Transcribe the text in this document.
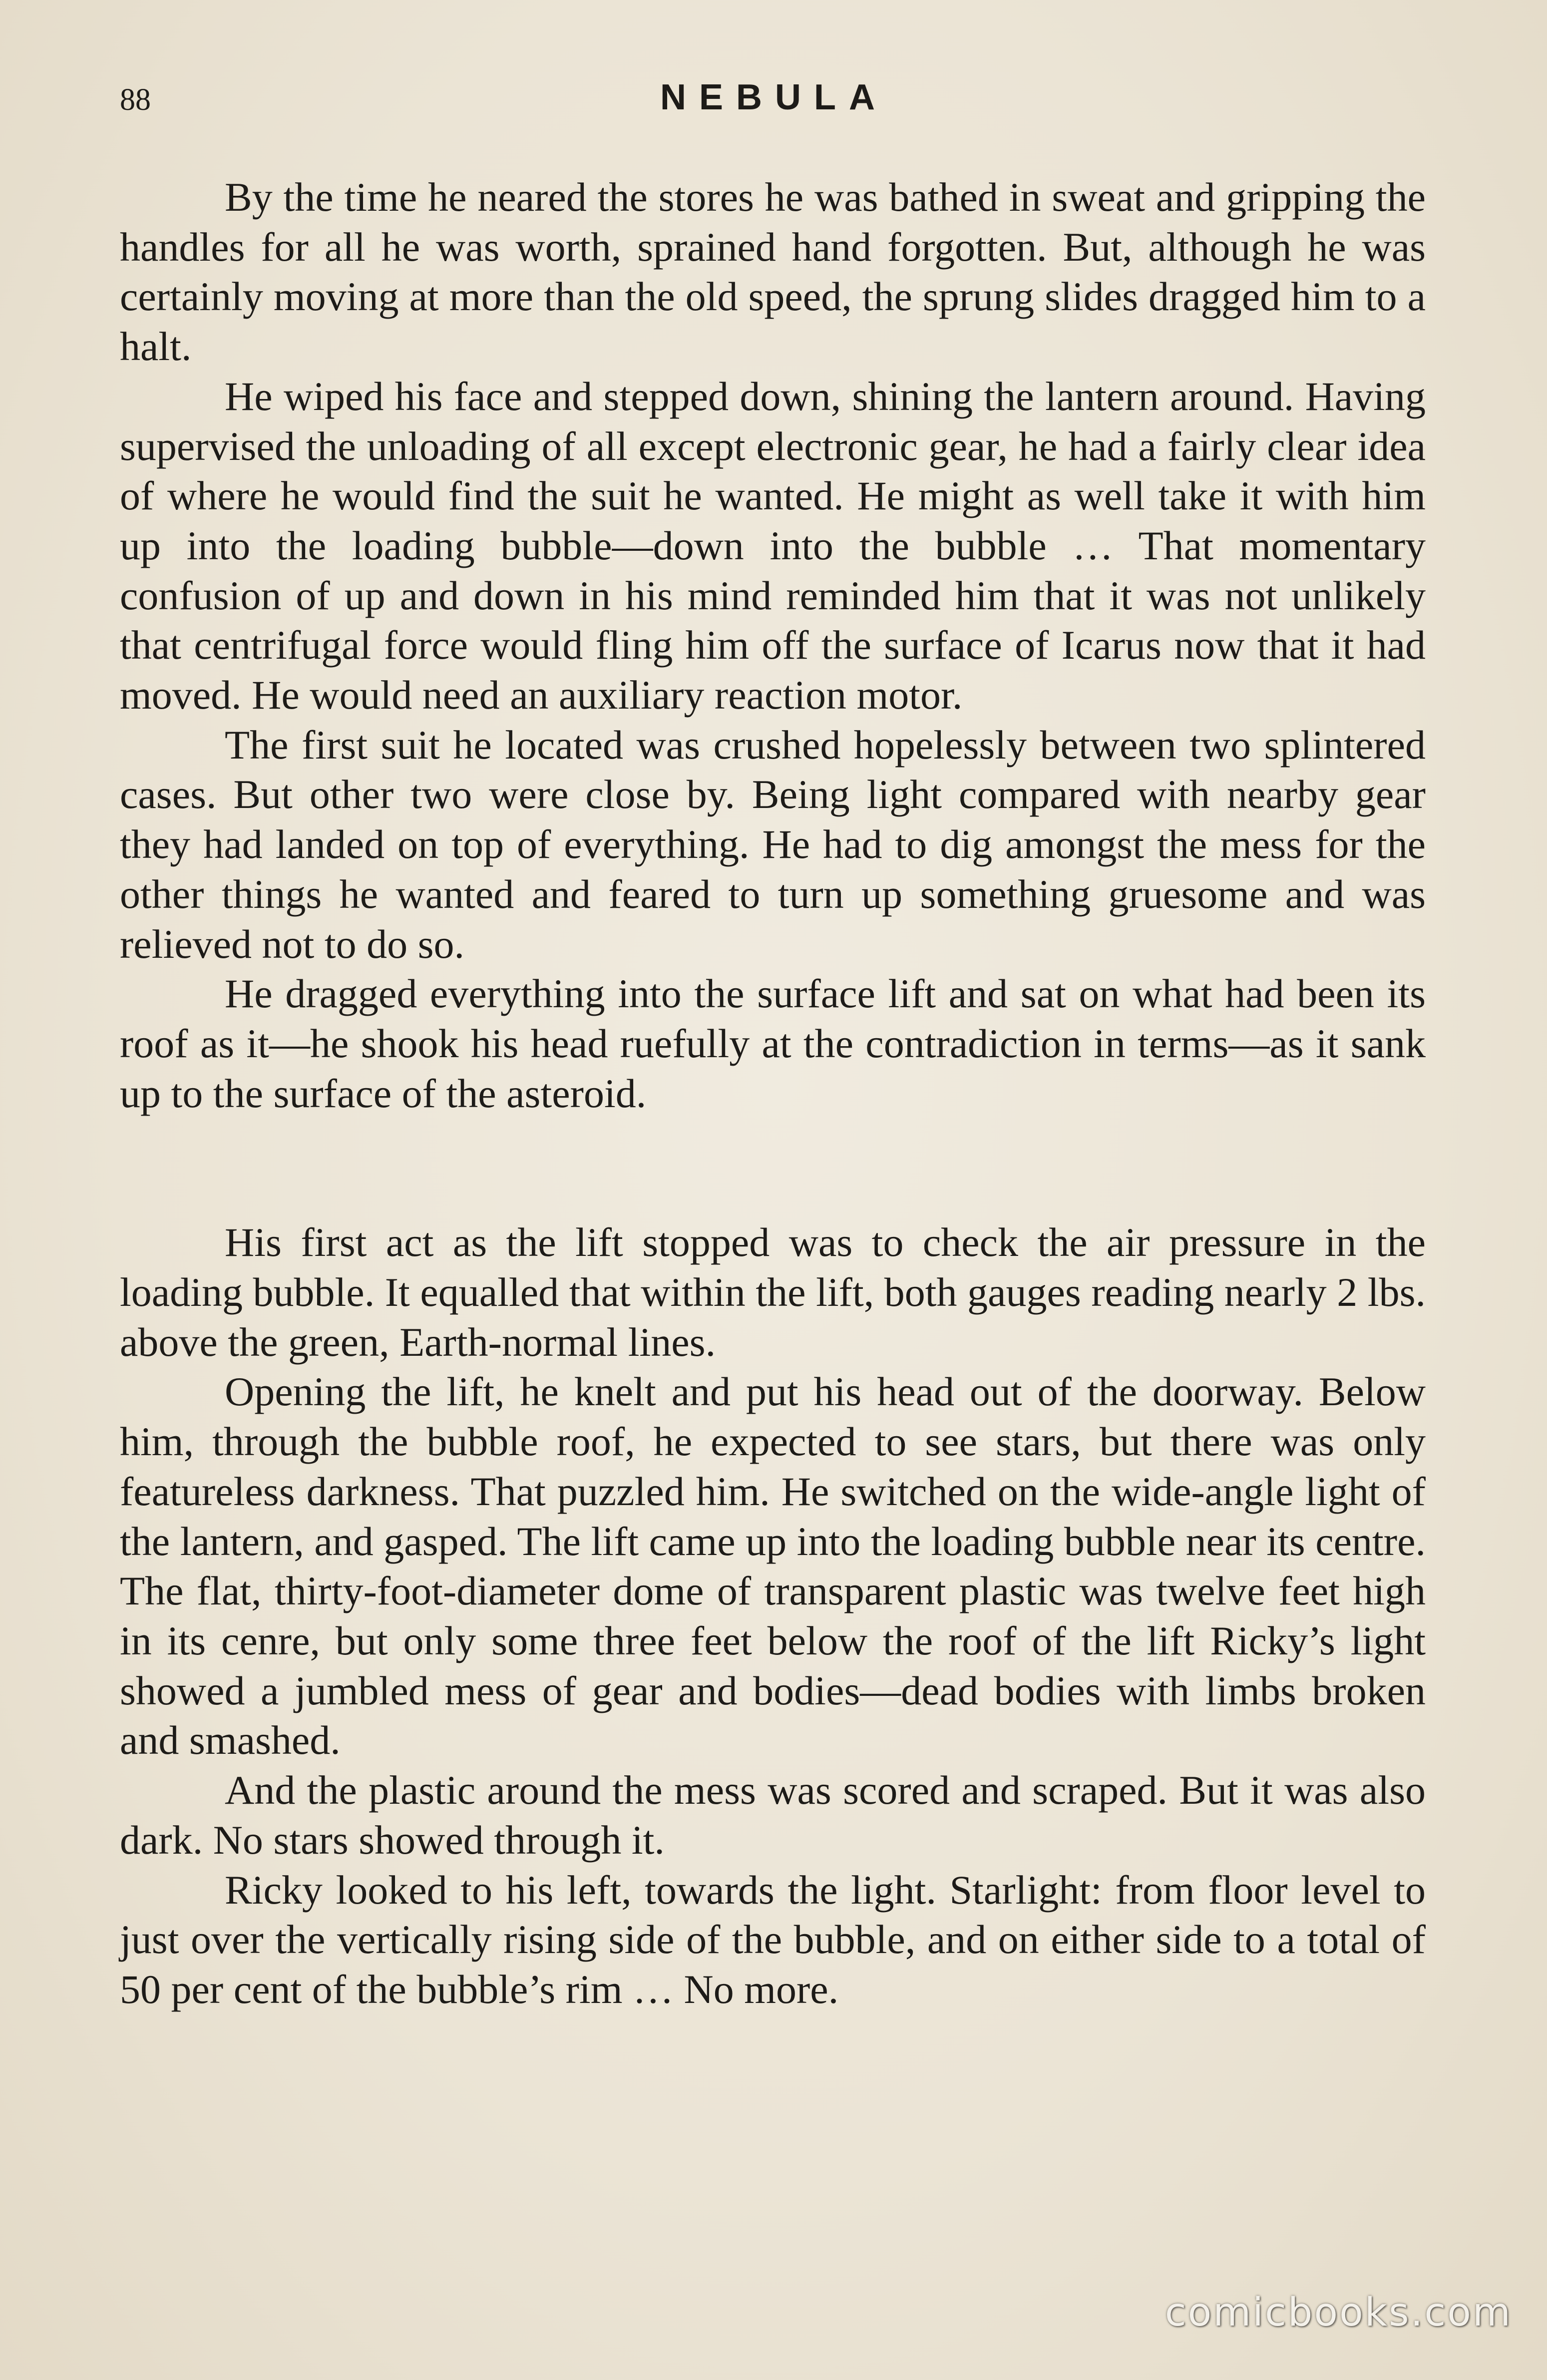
88	NEBULA

By the time he neared the stores he was bathed in sweat and gripping the handles for all he was worth, sprained hand forgotten. But, although he was certainly moving at more than the old speed, the sprung slides dragged him to a halt.

He wiped his face and stepped down, shining the lantern around. Having supervised the unloading of all except electronic gear, he had a fairly clear idea of where he would find the suit he wanted. He might as well take it with him up into the loading bubble—down into the bubble … That momentary confusion of up and down in his mind reminded him that it was not unlikely that centrifugal force would fling him off the surface of Icarus now that it had moved. He would need an auxiliary reaction motor.

The first suit he located was crushed hopelessly between two splintered cases. But other two were close by. Being light compared with nearby gear they had landed on top of everything. He had to dig amongst the mess for the other things he wanted and feared to turn up something gruesome and was relieved not to do so.

He dragged everything into the surface lift and sat on what had been its roof as it—he shook his head ruefully at the contradiction in terms—as it sank up to the surface of the asteroid.

His first act as the lift stopped was to check the air pressure in the loading bubble. It equalled that within the lift, both gauges reading nearly 2 lbs. above the green, Earth-normal lines.

Opening the lift, he knelt and put his head out of the doorway. Below him, through the bubble roof, he expected to see stars, but there was only featureless darkness. That puzzled him. He switched on the wide-angle light of the lantern, and gasped. The lift came up into the loading bubble near its centre. The flat, thirty-foot-diameter dome of transparent plastic was twelve feet high in its cenre, but only some three feet below the roof of the lift Ricky’s light showed a jumbled mess of gear and bodies—dead bodies with limbs broken and smashed.

And the plastic around the mess was scored and scraped. But it was also dark. No stars showed through it.

Ricky looked to his left, towards the light. Starlight: from floor level to just over the vertically rising side of the bubble, and on either side to a total of 50 per cent of the bubble’s rim … No more.

comicbooks.com
